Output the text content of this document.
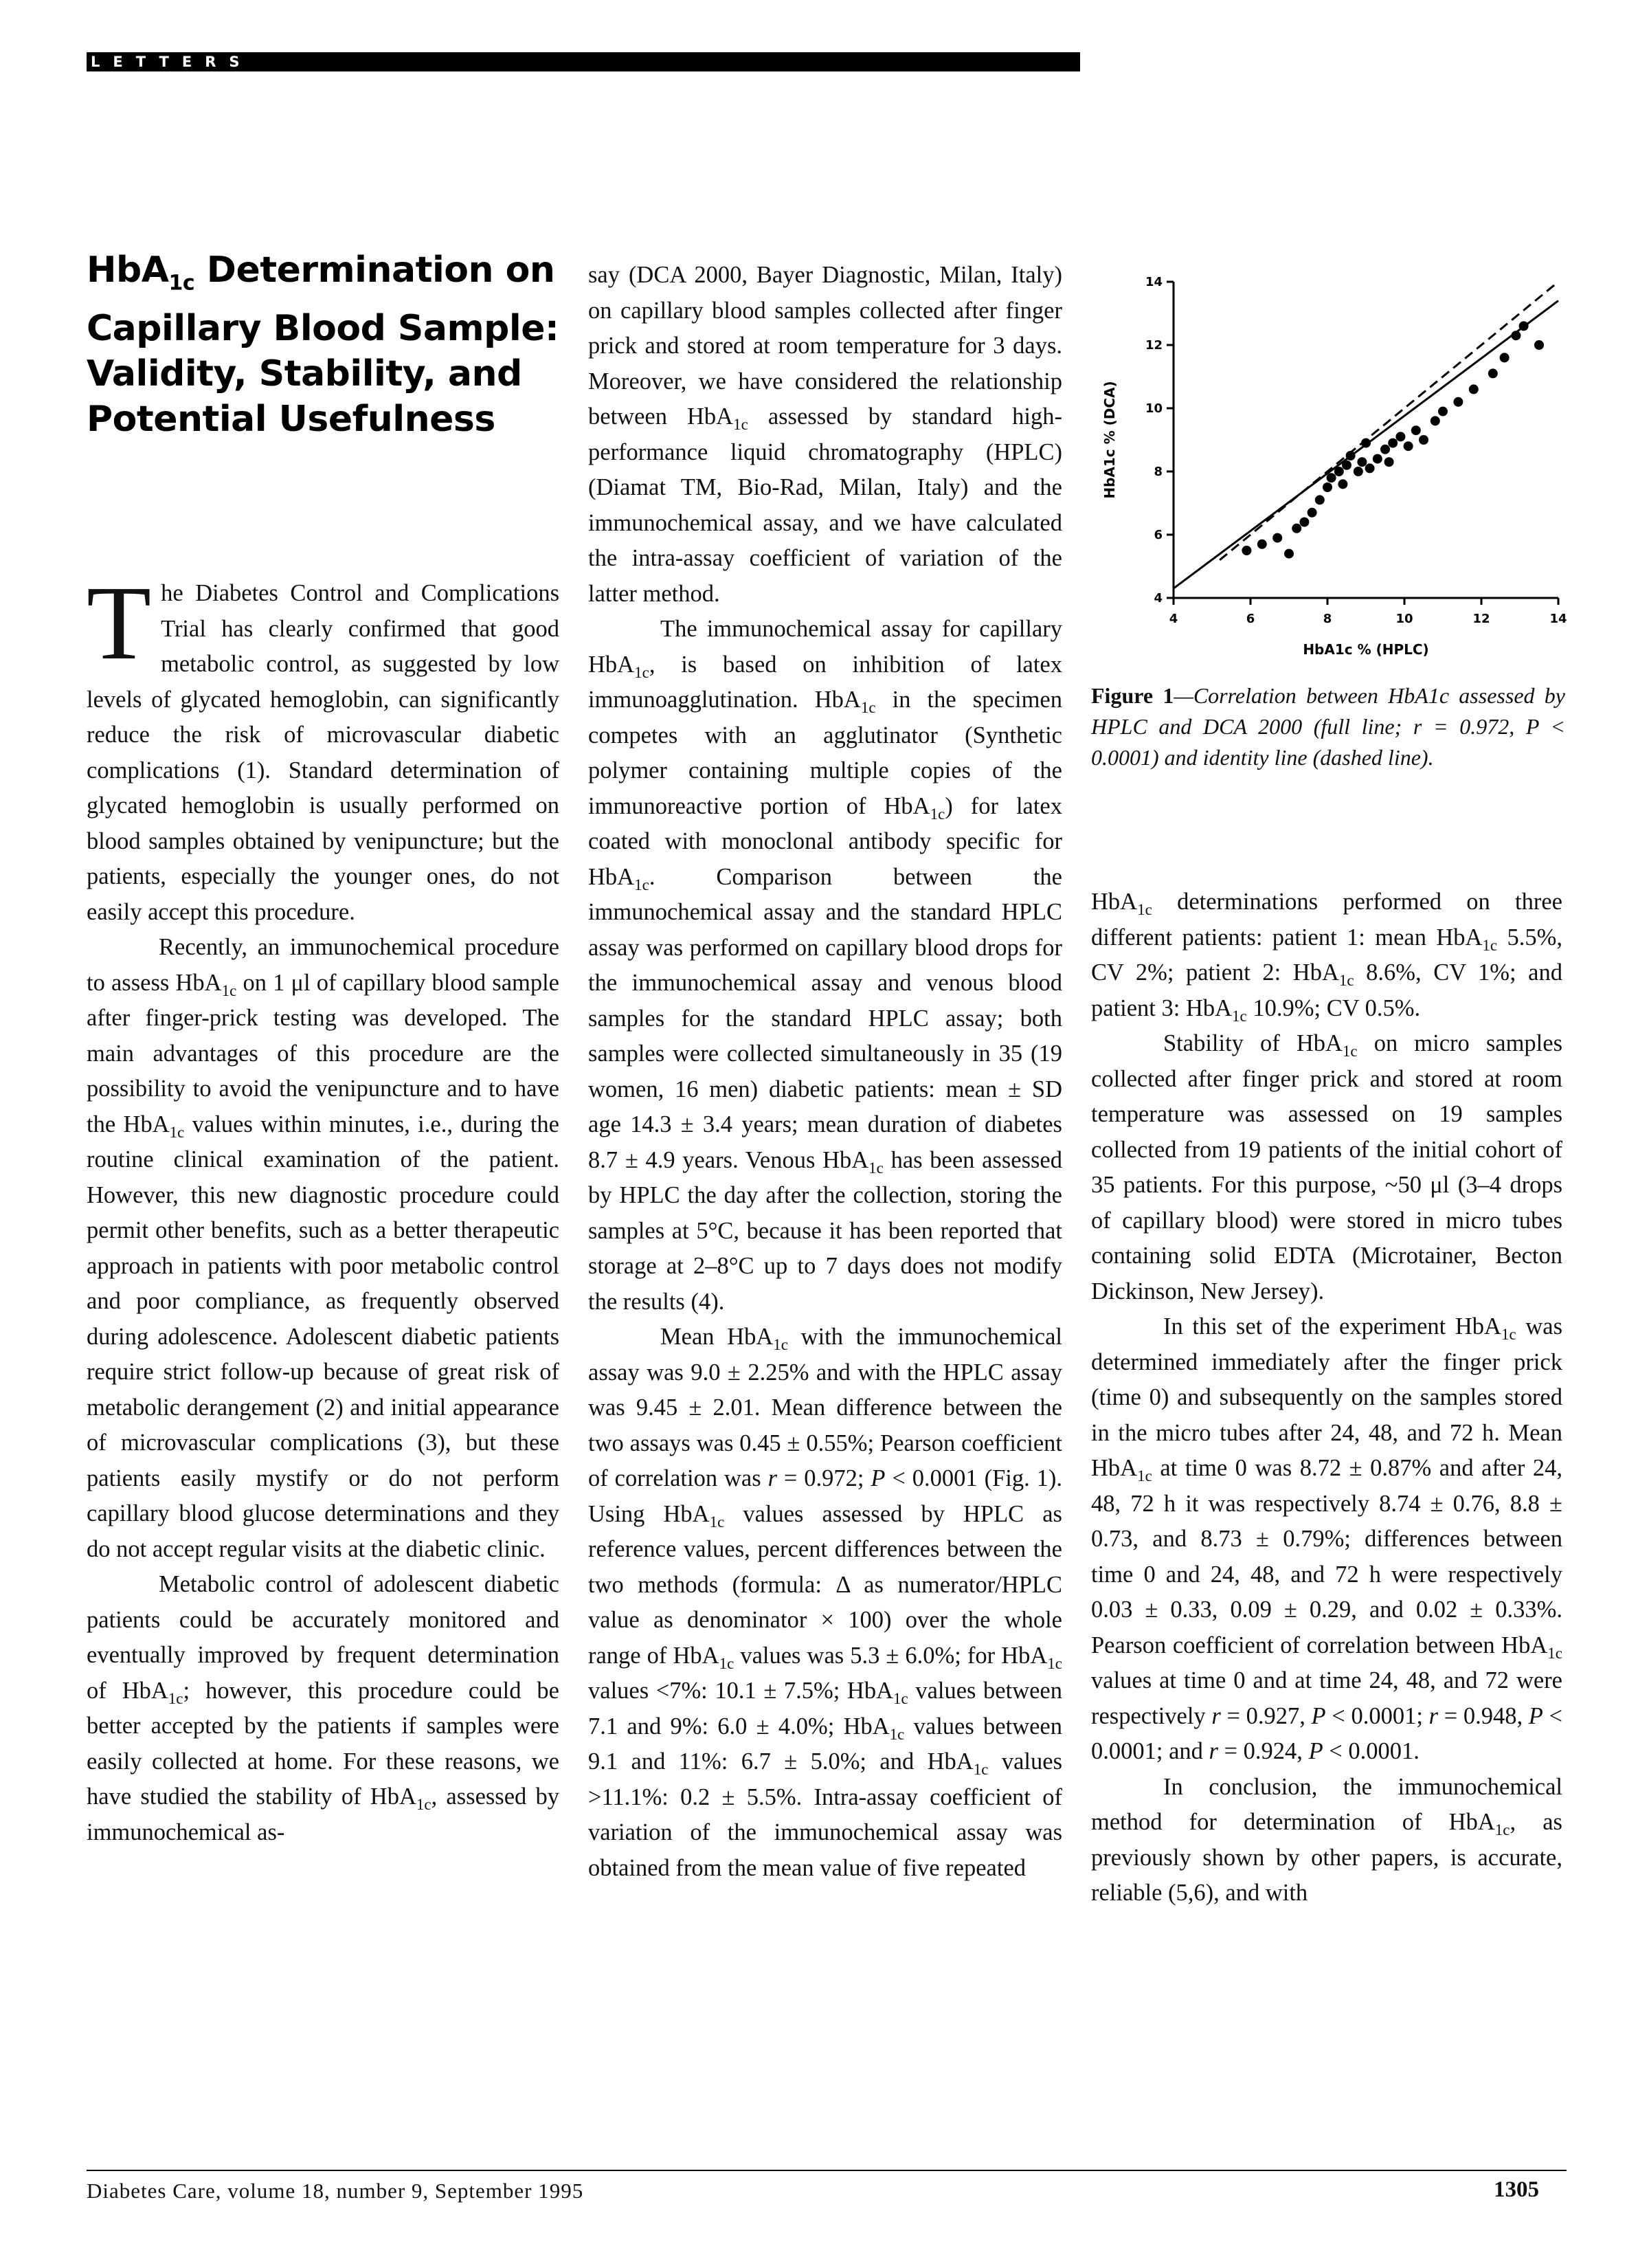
LETTERS
HbA$_{1c}$ Determination on Capillary Blood Sample: Validity, Stability, and Potential Usefulness

The Diabetes Control and Complications Trial has clearly confirmed that good metabolic control, as suggested by low levels of glycated hemoglobin, can significantly reduce the risk of microvascular diabetic complications (1). Standard determination of glycated hemoglobin is usually performed on blood samples obtained by venipuncture; but the patients, especially the younger ones, do not easily accept this procedure.

Recently, an immunochemical procedure to assess HbA$_{1c}$ on 1 μl of capillary blood sample after finger-prick testing was developed. The main advantages of this procedure are the possibility to avoid the venipuncture and to have the HbA$_{1c}$ values within minutes, i.e., during the routine clinical examination of the patient. However, this new diagnostic procedure could permit other benefits, such as a better therapeutic approach in patients with poor metabolic control and poor compliance, as frequently observed during adolescence. Adolescent diabetic patients require strict follow-up because of great risk of metabolic derangement (2) and initial appearance of microvascular complications (3), but these patients easily mystify or do not perform capillary blood glucose determinations and they do not accept regular visits at the diabetic clinic.

Metabolic control of adolescent diabetic patients could be accurately monitored and eventually improved by frequent determination of HbA$_{1c}$; however, this procedure could be better accepted by the patients if samples were easily collected at home. For these reasons, we have studied the stability of HbA$_{1c}$, assessed by immunochemical as-

say (DCA 2000, Bayer Diagnostic, Milan, Italy) on capillary blood samples collected after finger prick and stored at room temperature for 3 days. Moreover, we have considered the relationship between HbA$_{1c}$ assessed by standard high-performance liquid chromatography (HPLC) (Diamat TM, Bio-Rad, Milan, Italy) and the immunochemical assay, and we have calculated the intra-assay coefficient of variation of the latter method.

The immunochemical assay for capillary HbA$_{1c}$, is based on inhibition of latex immunoagglutination. HbA$_{1c}$ in the specimen competes with an agglutinator (Synthetic polymer containing multiple copies of the immunoreactive portion of HbA$_{1c}$) for latex coated with monoclonal antibody specific for HbA$_{1c}$. Comparison between the immunochemical assay and the standard HPLC assay was performed on capillary blood drops for the immunochemical assay and venous blood samples for the standard HPLC assay; both samples were collected simultaneously in 35 (19 women, 16 men) diabetic patients: mean ± SD age 14.3 ± 3.4 years; mean duration of diabetes 8.7 ± 4.9 years. Venous HbA$_{1c}$ has been assessed by HPLC the day after the collection, storing the samples at 5°C, because it has been reported that storage at 2–8°C up to 7 days does not modify the results (4).

Mean HbA$_{1c}$ with the immunochemical assay was 9.0 ± 2.25% and with the HPLC assay was 9.45 ± 2.01. Mean difference between the two assays was 0.45 ± 0.55%; Pearson coefficient of correlation was r = 0.972; P < 0.0001 (Fig. 1). Using HbA$_{1c}$ values assessed by HPLC as reference values, percent differences between the two methods (formula: Δ as numerator/HPLC value as denominator × 100) over the whole range of HbA$_{1c}$ values was 5.3 ± 6.0%; for HbA$_{1c}$ values <7%: 10.1 ± 7.5%; HbA$_{1c}$ values between 7.1 and 9%: 6.0 ± 4.0%; HbA$_{1c}$ values between 9.1 and 11%: 6.7 ± 5.0%; and HbA$_{1c}$ values >11.1%: 0.2 ± 5.5%. Intra-assay coefficient of variation of the immunochemical assay was obtained from the mean value of five repeated

4	6	8	10	12	14
4
6
8
10
12
14
HbA1c % (HPLC)
HbA1c % (DCA)
Figure 1—Correlation between HbA1c assessed by HPLC and DCA 2000 (full line; r = 0.972, P < 0.0001) and identity line (dashed line).

HbA$_{1c}$ determinations performed on three different patients: patient 1: mean HbA$_{1c}$ 5.5%, CV 2%; patient 2: HbA$_{1c}$ 8.6%, CV 1%; and patient 3: HbA$_{1c}$ 10.9%; CV 0.5%.

Stability of HbA$_{1c}$ on micro samples collected after finger prick and stored at room temperature was assessed on 19 samples collected from 19 patients of the initial cohort of 35 patients. For this purpose, ~50 μl (3–4 drops of capillary blood) were stored in micro tubes containing solid EDTA (Microtainer, Becton Dickinson, New Jersey).

In this set of the experiment HbA$_{1c}$ was determined immediately after the finger prick (time 0) and subsequently on the samples stored in the micro tubes after 24, 48, and 72 h. Mean HbA$_{1c}$ at time 0 was 8.72 ± 0.87% and after 24, 48, 72 h it was respectively 8.74 ± 0.76, 8.8 ± 0.73, and 8.73 ± 0.79%; differences between time 0 and 24, 48, and 72 h were respectively 0.03 ± 0.33, 0.09 ± 0.29, and 0.02 ± 0.33%. Pearson coefficient of correlation between HbA$_{1c}$ values at time 0 and at time 24, 48, and 72 were respectively r = 0.927, P < 0.0001; r = 0.948, P < 0.0001; and r = 0.924, P < 0.0001.

In conclusion, the immunochemical method for determination of HbA$_{1c}$, as previously shown by other papers, is accurate, reliable (5,6), and with

Diabetes Care, volume 18, number 9, September 1995	1305
